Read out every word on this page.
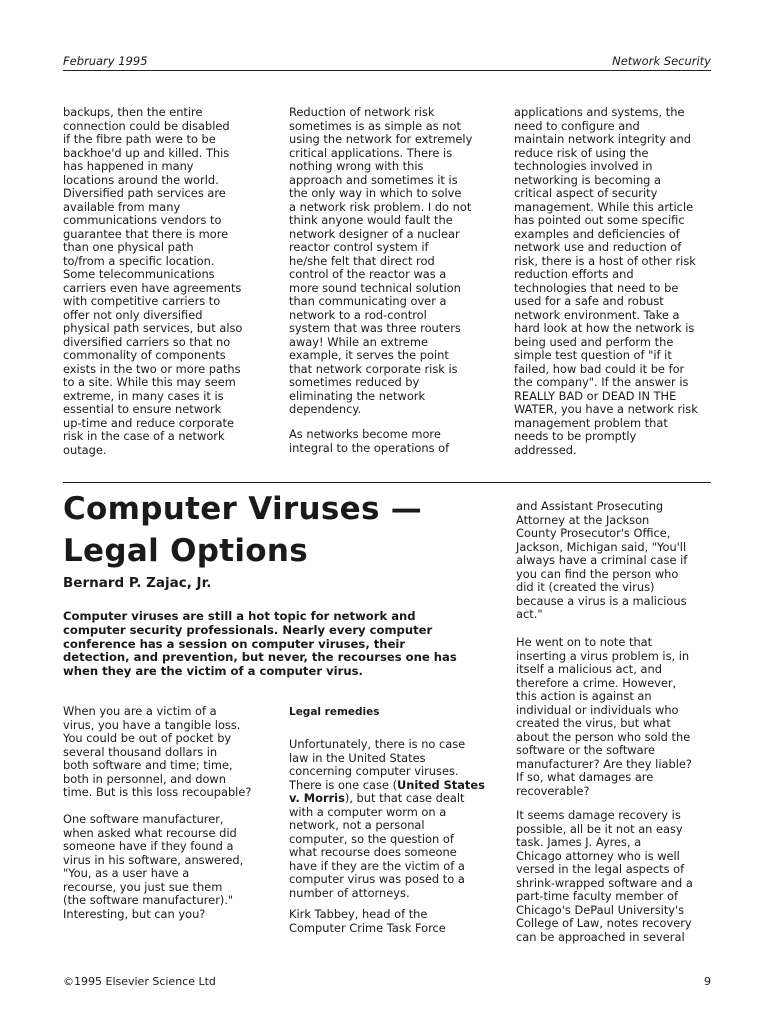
February 1995	Network Security
backups, then the entire
connection could be disabled
if the fibre path were to be
backhoe'd up and killed. This
has happened in many
locations around the world.
Diversified path services are
available from many
communications vendors to
guarantee that there is more
than one physical path
to/from a specific location.
Some telecommunications
carriers even have agreements
with competitive carriers to
offer not only diversified
physical path services, but also
diversified carriers so that no
commonality of components
exists in the two or more paths
to a site. While this may seem
extreme, in many cases it is
essential to ensure network
up-time and reduce corporate
risk in the case of a network
outage.
Reduction of network risk
sometimes is as simple as not
using the network for extremely
critical applications. There is
nothing wrong with this
approach and sometimes it is
the only way in which to solve
a network risk problem. I do not
think anyone would fault the
network designer of a nuclear
reactor control system if
he/she felt that direct rod
control of the reactor was a
more sound technical solution
than communicating over a
network to a rod-control
system that was three routers
away! While an extreme
example, it serves the point
that network corporate risk is
sometimes reduced by
eliminating the network
dependency.
As networks become more
integral to the operations of
applications and systems, the
need to configure and
maintain network integrity and
reduce risk of using the
technologies involved in
networking is becoming a
critical aspect of security
management. While this article
has pointed out some specific
examples and deficiencies of
network use and reduction of
risk, there is a host of other risk
reduction efforts and
technologies that need to be
used for a safe and robust
network environment. Take a
hard look at how the network is
being used and perform the
simple test question of "if it
failed, how bad could it be for
the company". If the answer is
REALLY BAD or DEAD IN THE
WATER, you have a network risk
management problem that
needs to be promptly
addressed.
Computer Viruses —
Legal Options
Bernard P. Zajac, Jr.
Computer viruses are still a hot topic for network and computer security professionals. Nearly every computer conference has a session on computer viruses, their detection, and prevention, but never, the recourses one has when they are the victim of a computer virus.
When you are a victim of a
virus, you have a tangible loss.
You could be out of pocket by
several thousand dollars in
both software and time; time,
both in personnel, and down
time. But is this loss recoupable?
One software manufacturer,
when asked what recourse did
someone have if they found a
virus in his software, answered,
"You, as a user have a
recourse, you just sue them
(the software manufacturer)."
Interesting, but can you?
Legal remedies
Unfortunately, there is no case
law in the United States
concerning computer viruses.
There is one case (United States
v. Morris), but that case dealt
with a computer worm on a
network, not a personal
computer, so the question of
what recourse does someone
have if they are the victim of a
computer virus was posed to a
number of attorneys.
Kirk Tabbey, head of the
Computer Crime Task Force
and Assistant Prosecuting
Attorney at the Jackson
County Prosecutor's Office,
Jackson, Michigan said, "You'll
always have a criminal case if
you can find the person who
did it (created the virus)
because a virus is a malicious
act."
He went on to note that
inserting a virus problem is, in
itself a malicious act, and
therefore a crime. However,
this action is against an
individual or individuals who
created the virus, but what
about the person who sold the
software or the software
manufacturer? Are they liable?
If so, what damages are
recoverable?
It seems damage recovery is
possible, all be it not an easy
task. James J. Ayres, a
Chicago attorney who is well
versed in the legal aspects of
shrink-wrapped software and a
part-time faculty member of
Chicago's DePaul University's
College of Law, notes recovery
can be approached in several
©1995 Elsevier Science Ltd	9
